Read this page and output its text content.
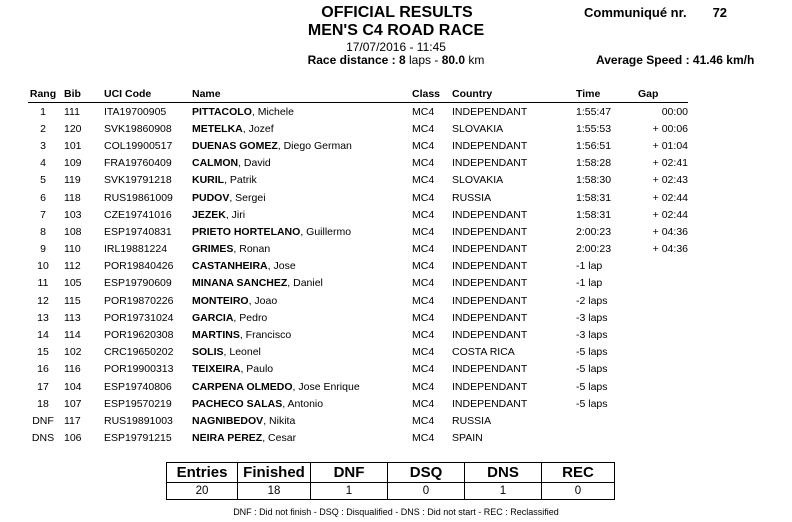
OFFICIAL RESULTS
MEN'S C4 ROAD RACE
17/07/2016 - 11:45
Race distance : 8 laps - 80.0 km
Communiqué nr. 72
Average Speed : 41.46 km/h
Rang	Bib	UCI Code	Name	Class	Country	Time	Gap
1	111	ITA19700905	PITTACOLO, Michele	MC4	INDEPENDANT	1:55:47	00:00
2	120	SVK19860908	METELKA, Jozef	MC4	SLOVAKIA	1:55:53	+ 00:06
3	101	COL19900517	DUENAS GOMEZ, Diego German	MC4	INDEPENDANT	1:56:51	+ 01:04
4	109	FRA19760409	CALMON, David	MC4	INDEPENDANT	1:58:28	+ 02:41
5	119	SVK19791218	KURIL, Patrik	MC4	SLOVAKIA	1:58:30	+ 02:43
6	118	RUS19861009	PUDOV, Sergei	MC4	RUSSIA	1:58:31	+ 02:44
7	103	CZE19741016	JEZEK, Jiri	MC4	INDEPENDANT	1:58:31	+ 02:44
8	108	ESP19740831	PRIETO HORTELANO, Guillermo	MC4	INDEPENDANT	2:00:23	+ 04:36
9	110	IRL19881224	GRIMES, Ronan	MC4	INDEPENDANT	2:00:23	+ 04:36
10	112	POR19840426	CASTANHEIRA, Jose	MC4	INDEPENDANT	-1 lap	
11	105	ESP19790609	MINANA SANCHEZ, Daniel	MC4	INDEPENDANT	-1 lap	
12	115	POR19870226	MONTEIRO, Joao	MC4	INDEPENDANT	-2 laps	
13	113	POR19731024	GARCIA, Pedro	MC4	INDEPENDANT	-3 laps	
14	114	POR19620308	MARTINS, Francisco	MC4	INDEPENDANT	-3 laps	
15	102	CRC19650202	SOLIS, Leonel	MC4	COSTA RICA	-5 laps	
16	116	POR19900313	TEIXEIRA, Paulo	MC4	INDEPENDANT	-5 laps	
17	104	ESP19740806	CARPENA OLMEDO, Jose Enrique	MC4	INDEPENDANT	-5 laps	
18	107	ESP19570219	PACHECO SALAS, Antonio	MC4	INDEPENDANT	-5 laps	
DNF	117	RUS19891003	NAGNIBEDOV, Nikita	MC4	RUSSIA		
DNS	106	ESP19791215	NEIRA PEREZ, Cesar	MC4	SPAIN		
Entries	Finished	DNF	DSQ	DNS	REC
20	18	1	0	1	0
DNF : Did not finish - DSQ : Disqualified - DNS : Did not start - REC : Reclassified
